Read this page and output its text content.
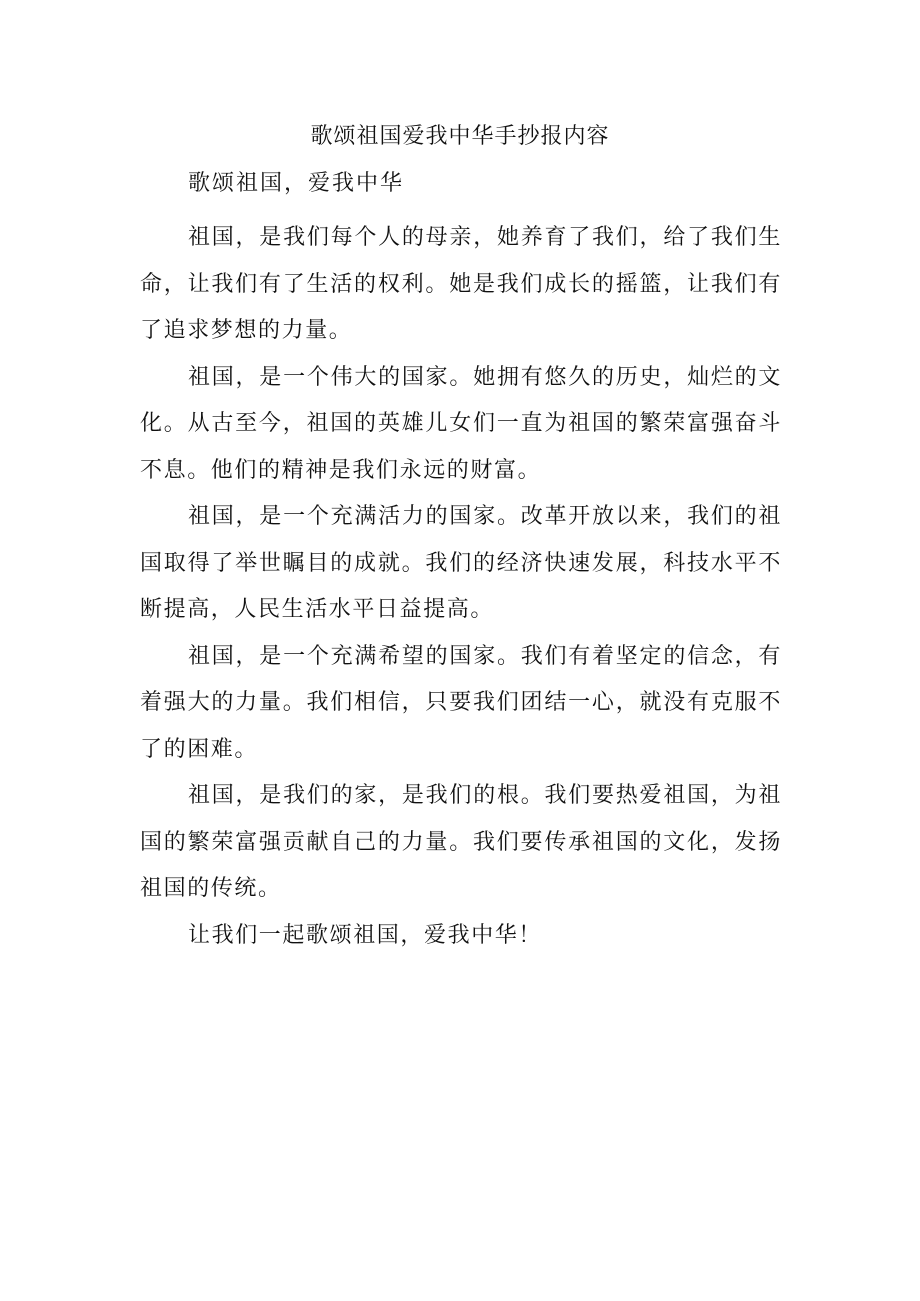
歌颂祖国爱我中华手抄报内容

歌颂祖国，爱我中华

祖国，是我们每个人的母亲，她养育了我们，给了我们生命，让我们有了生活的权利。她是我们成长的摇篮，让我们有了追求梦想的力量。

祖国，是一个伟大的国家。她拥有悠久的历史，灿烂的文化。从古至今，祖国的英雄儿女们一直为祖国的繁荣富强奋斗不息。他们的精神是我们永远的财富。

祖国，是一个充满活力的国家。改革开放以来，我们的祖国取得了举世瞩目的成就。我们的经济快速发展，科技水平不断提高，人民生活水平日益提高。

祖国，是一个充满希望的国家。我们有着坚定的信念，有着强大的力量。我们相信，只要我们团结一心，就没有克服不了的困难。

祖国，是我们的家，是我们的根。我们要热爱祖国，为祖国的繁荣富强贡献自己的力量。我们要传承祖国的文化，发扬祖国的传统。

让我们一起歌颂祖国，爱我中华！
